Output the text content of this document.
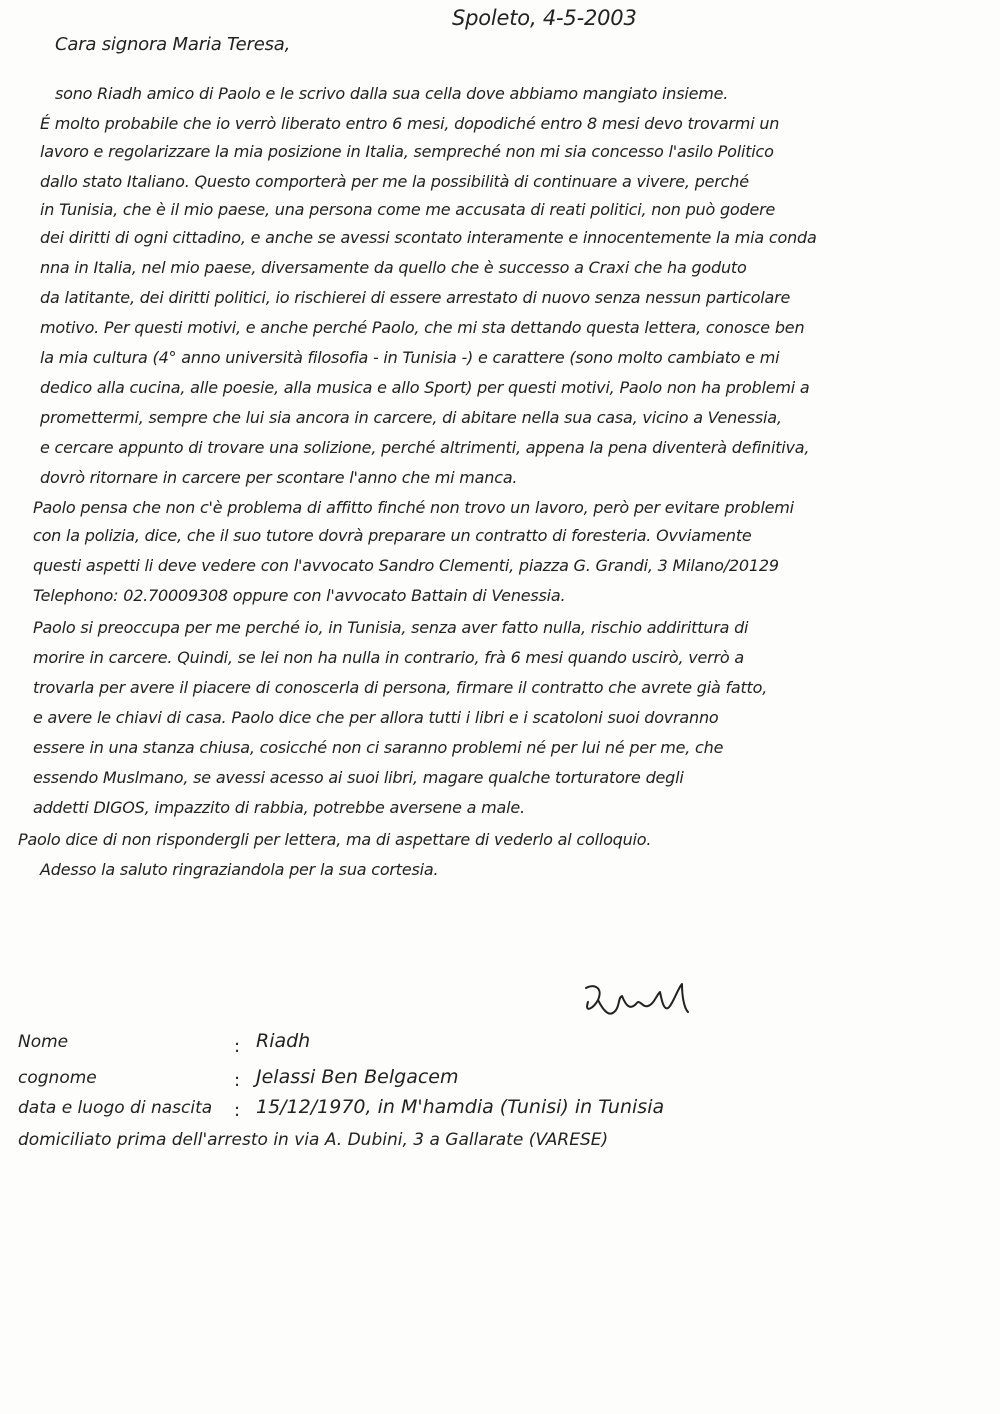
Spoleto, 4-5-2003
Cara signora Maria Teresa,
sono Riadh amico di Paolo e le scrivo dalla sua cella dove abbiamo mangiato insieme.
É molto probabile che io verrò liberato entro 6 mesi, dopodiché entro 8 mesi devo trovarmi un
lavoro e regolarizzare la mia posizione in Italia, sempreché non mi sia concesso l'asilo Politico
dallo stato Italiano. Questo comporterà per me la possibilità di continuare a vivere, perché
in Tunisia, che è il mio paese, una persona come me accusata di reati politici, non può godere
dei diritti di ogni cittadino, e anche se avessi scontato interamente e innocentemente la mia conda
nna in Italia, nel mio paese, diversamente da quello che è successo a Craxi che ha goduto
da latitante, dei diritti politici, io rischierei di essere arrestato di nuovo senza nessun particolare
motivo. Per questi motivi, e anche perché Paolo, che mi sta dettando questa lettera, conosce ben
la mia cultura (4° anno università filosofia - in Tunisia -) e carattere (sono molto cambiato e mi
dedico alla cucina, alle poesie, alla musica e allo Sport) per questi motivi, Paolo non ha problemi a
promettermi, sempre che lui sia ancora in carcere, di abitare nella sua casa, vicino a Venessia,
e cercare appunto di trovare una solizione, perché altrimenti, appena la pena diventerà definitiva,
dovrò ritornare in carcere per scontare l'anno che mi manca.
Paolo pensa che non c'è problema di affitto finché non trovo un lavoro, però per evitare problemi
con la polizia, dice, che il suo tutore dovrà preparare un contratto di foresteria. Ovviamente
questi aspetti li deve vedere con l'avvocato Sandro Clementi, piazza G. Grandi, 3 Milano/20129
Telephono: 02.70009308 oppure con l'avvocato Battain di Venessia.
Paolo si preoccupa per me perché io, in Tunisia, senza aver fatto nulla, rischio addirittura di
morire in carcere. Quindi, se lei non ha nulla in contrario, frà 6 mesi quando uscirò, verrò a
trovarla per avere il piacere di conoscerla di persona, firmare il contratto che avrete già fatto,
e avere le chiavi di casa. Paolo dice che per allora tutti i libri e i scatoloni suoi dovranno
essere in una stanza chiusa, cosicché non ci saranno problemi né per lui né per me, che
essendo Muslmano, se avessi acesso ai suoi libri, magare qualche torturatore degli
addetti DIGOS, impazzito di rabbia, potrebbe aversene a male.
Paolo dice di non rispondergli per lettera, ma di aspettare di vederlo al colloquio.
Adesso la saluto ringraziandola per la sua cortesia.
Nome	: Riadh
cognome	: Jelassi Ben Belgacem
data e luogo di nascita : 15/12/1970, in M'hamdia (Tunisi) in Tunisia
domiciliato prima dell'arresto in via A. Dubini, 3 a Gallarate (VARESE)
